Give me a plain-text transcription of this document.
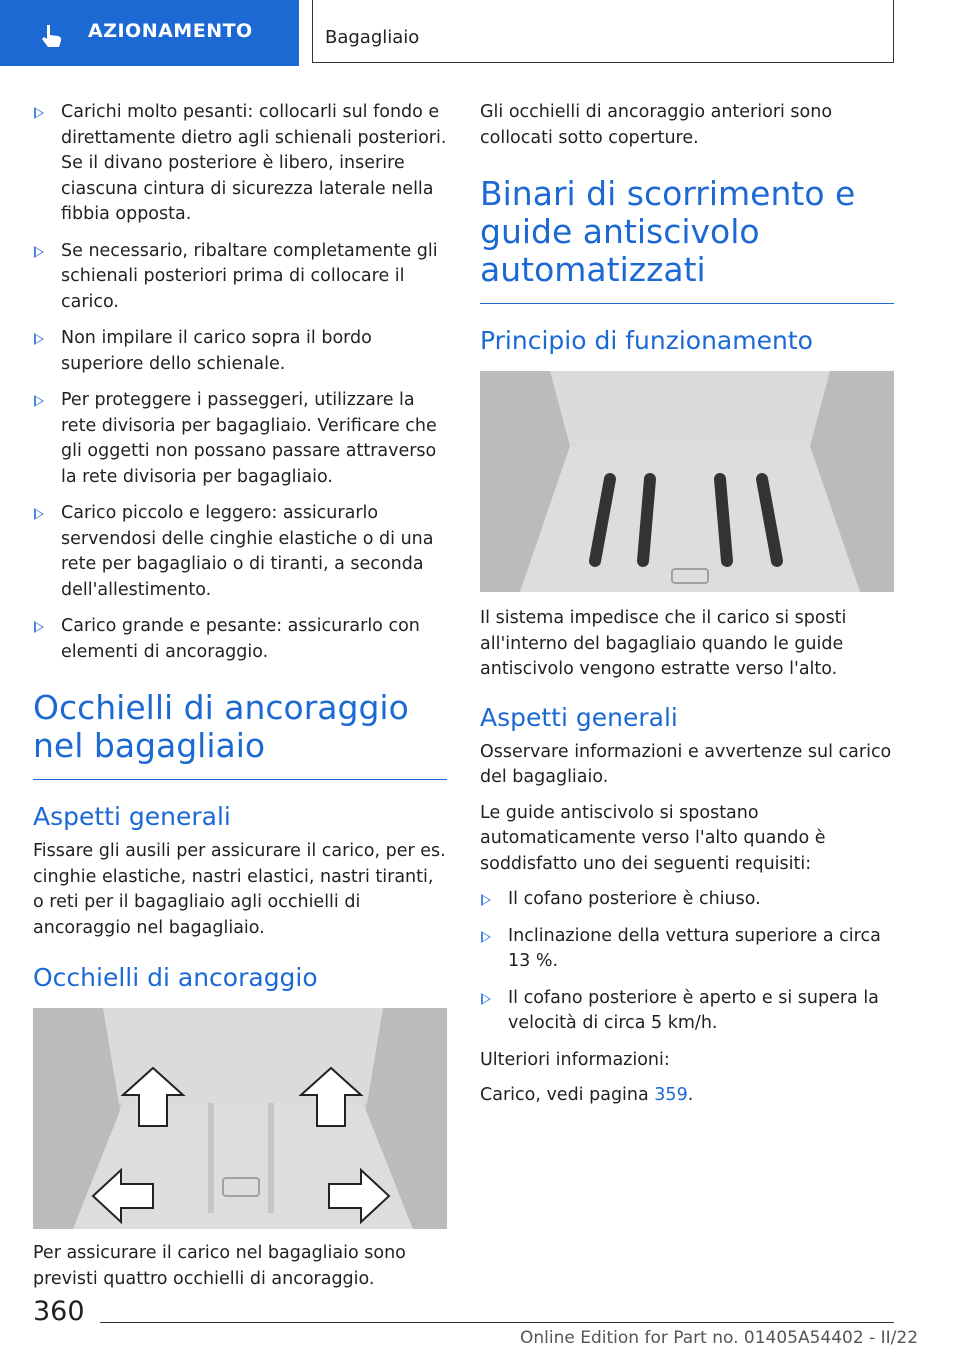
AZIONAMENTO	Bagagliaio
Carichi molto pesanti: collocarli sul fondo e direttamente dietro agli schienali posteriori. Se il divano posteriore è libero, inserire ciascuna cintura di sicurezza laterale nella fibbia opposta.
Se necessario, ribaltare completamente gli schienali posteriori prima di collocare il carico.
Non impilare il carico sopra il bordo superiore dello schienale.
Per proteggere i passeggeri, utilizzare la rete divisoria per bagagliaio. Verificare che gli oggetti non possano passare attraverso la rete divisoria per bagagliaio.
Carico piccolo e leggero: assicurarlo servendosi delle cinghie elastiche o di una rete per bagagliaio o di tiranti, a seconda dell'allestimento.
Carico grande e pesante: assicurarlo con elementi di ancoraggio.
Occhielli di ancoraggio nel bagagliaio
Aspetti generali

Fissare gli ausili per assicurare il carico, per es. cinghie elastiche, nastri elastici, nastri tiranti, o reti per il bagagliaio agli occhielli di ancoraggio nel bagagliaio.

Occhielli di ancoraggio

Per assicurare il carico nel bagagliaio sono previsti quattro occhielli di ancoraggio.

Gli occhielli di ancoraggio anteriori sono collocati sotto coperture.

Binari di scorrimento e guide antiscivolo automatizzati
Principio di funzionamento

Il sistema impedisce che il carico si sposti all'interno del bagagliaio quando le guide antiscivolo vengono estratte verso l'alto.

Aspetti generali

Osservare informazioni e avvertenze sul carico del bagagliaio.

Le guide antiscivolo si spostano automaticamente verso l'alto quando è soddisfatto uno dei seguenti requisiti:

Il cofano posteriore è chiuso.
Inclinazione della vettura superiore a circa 13 %.
Il cofano posteriore è aperto e si supera la velocità di circa 5 km/h.

Ulteriori informazioni:

Carico, vedi pagina 359.

360
Online Edition for Part no. 01405A54402 - II/22
